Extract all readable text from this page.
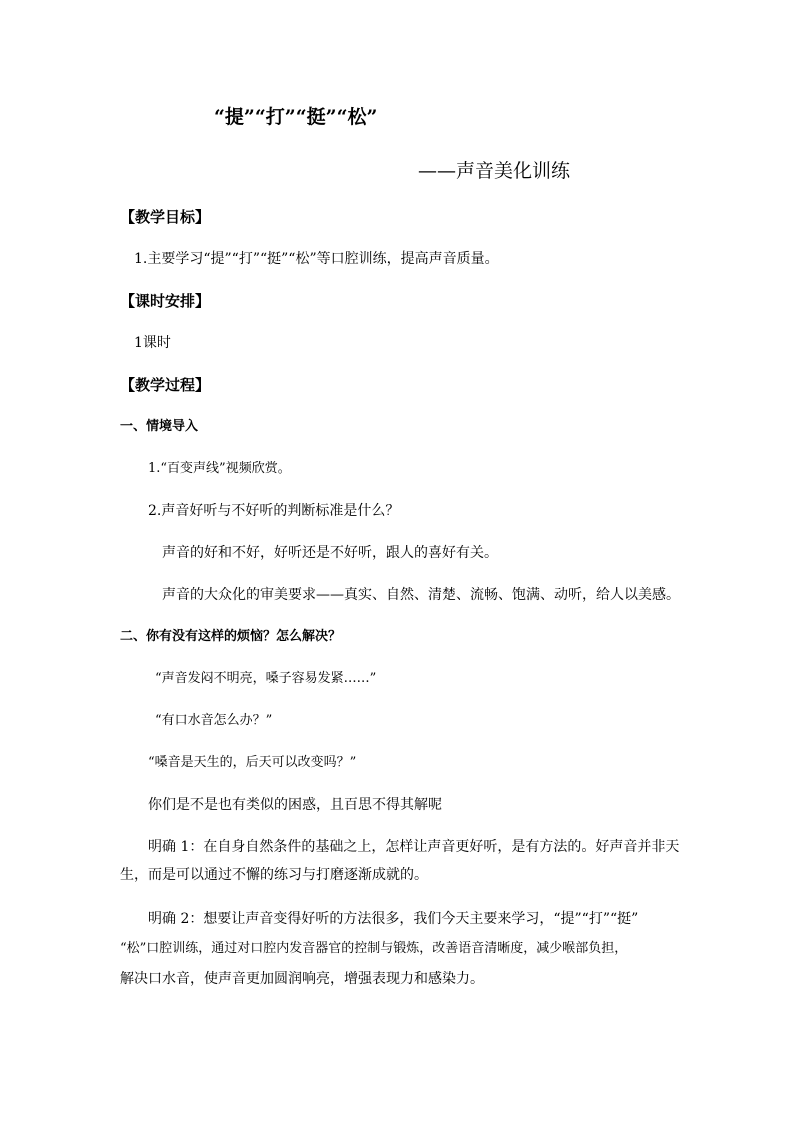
“提”“打”“挺”“松”
——声音美化训练
【教学目标】
1.主要学习“提”“打”“挺”“松”等口腔训练，提高声音质量。
【课时安排】
1课时
【教学过程】
一、情境导入
1.“百变声线”视频欣赏。
2.声音好听与不好听的判断标准是什么？
声音的好和不好，好听还是不好听，跟人的喜好有关。
声音的大众化的审美要求——真实、自然、清楚、流畅、饱满、动听，给人以美感。
二、你有没有这样的烦恼？怎么解决？
“声音发闷不明亮，嗓子容易发紧……”
“有口水音怎么办？”
“嗓音是天生的，后天可以改变吗？”
你们是不是也有类似的困惑，且百思不得其解呢
明确 1：在自身自然条件的基础之上，怎样让声音更好听，是有方法的。好声音并非天
生，而是可以通过不懈的练习与打磨逐渐成就的。
明确 2：想要让声音变得好听的方法很多，我们今天主要来学习，“提”“打”“挺”
“松”口腔训练，通过对口腔内发音器官的控制与锻炼，改善语音清晰度，减少喉部负担，
解决口水音，使声音更加圆润响亮，增强表现力和感染力。
